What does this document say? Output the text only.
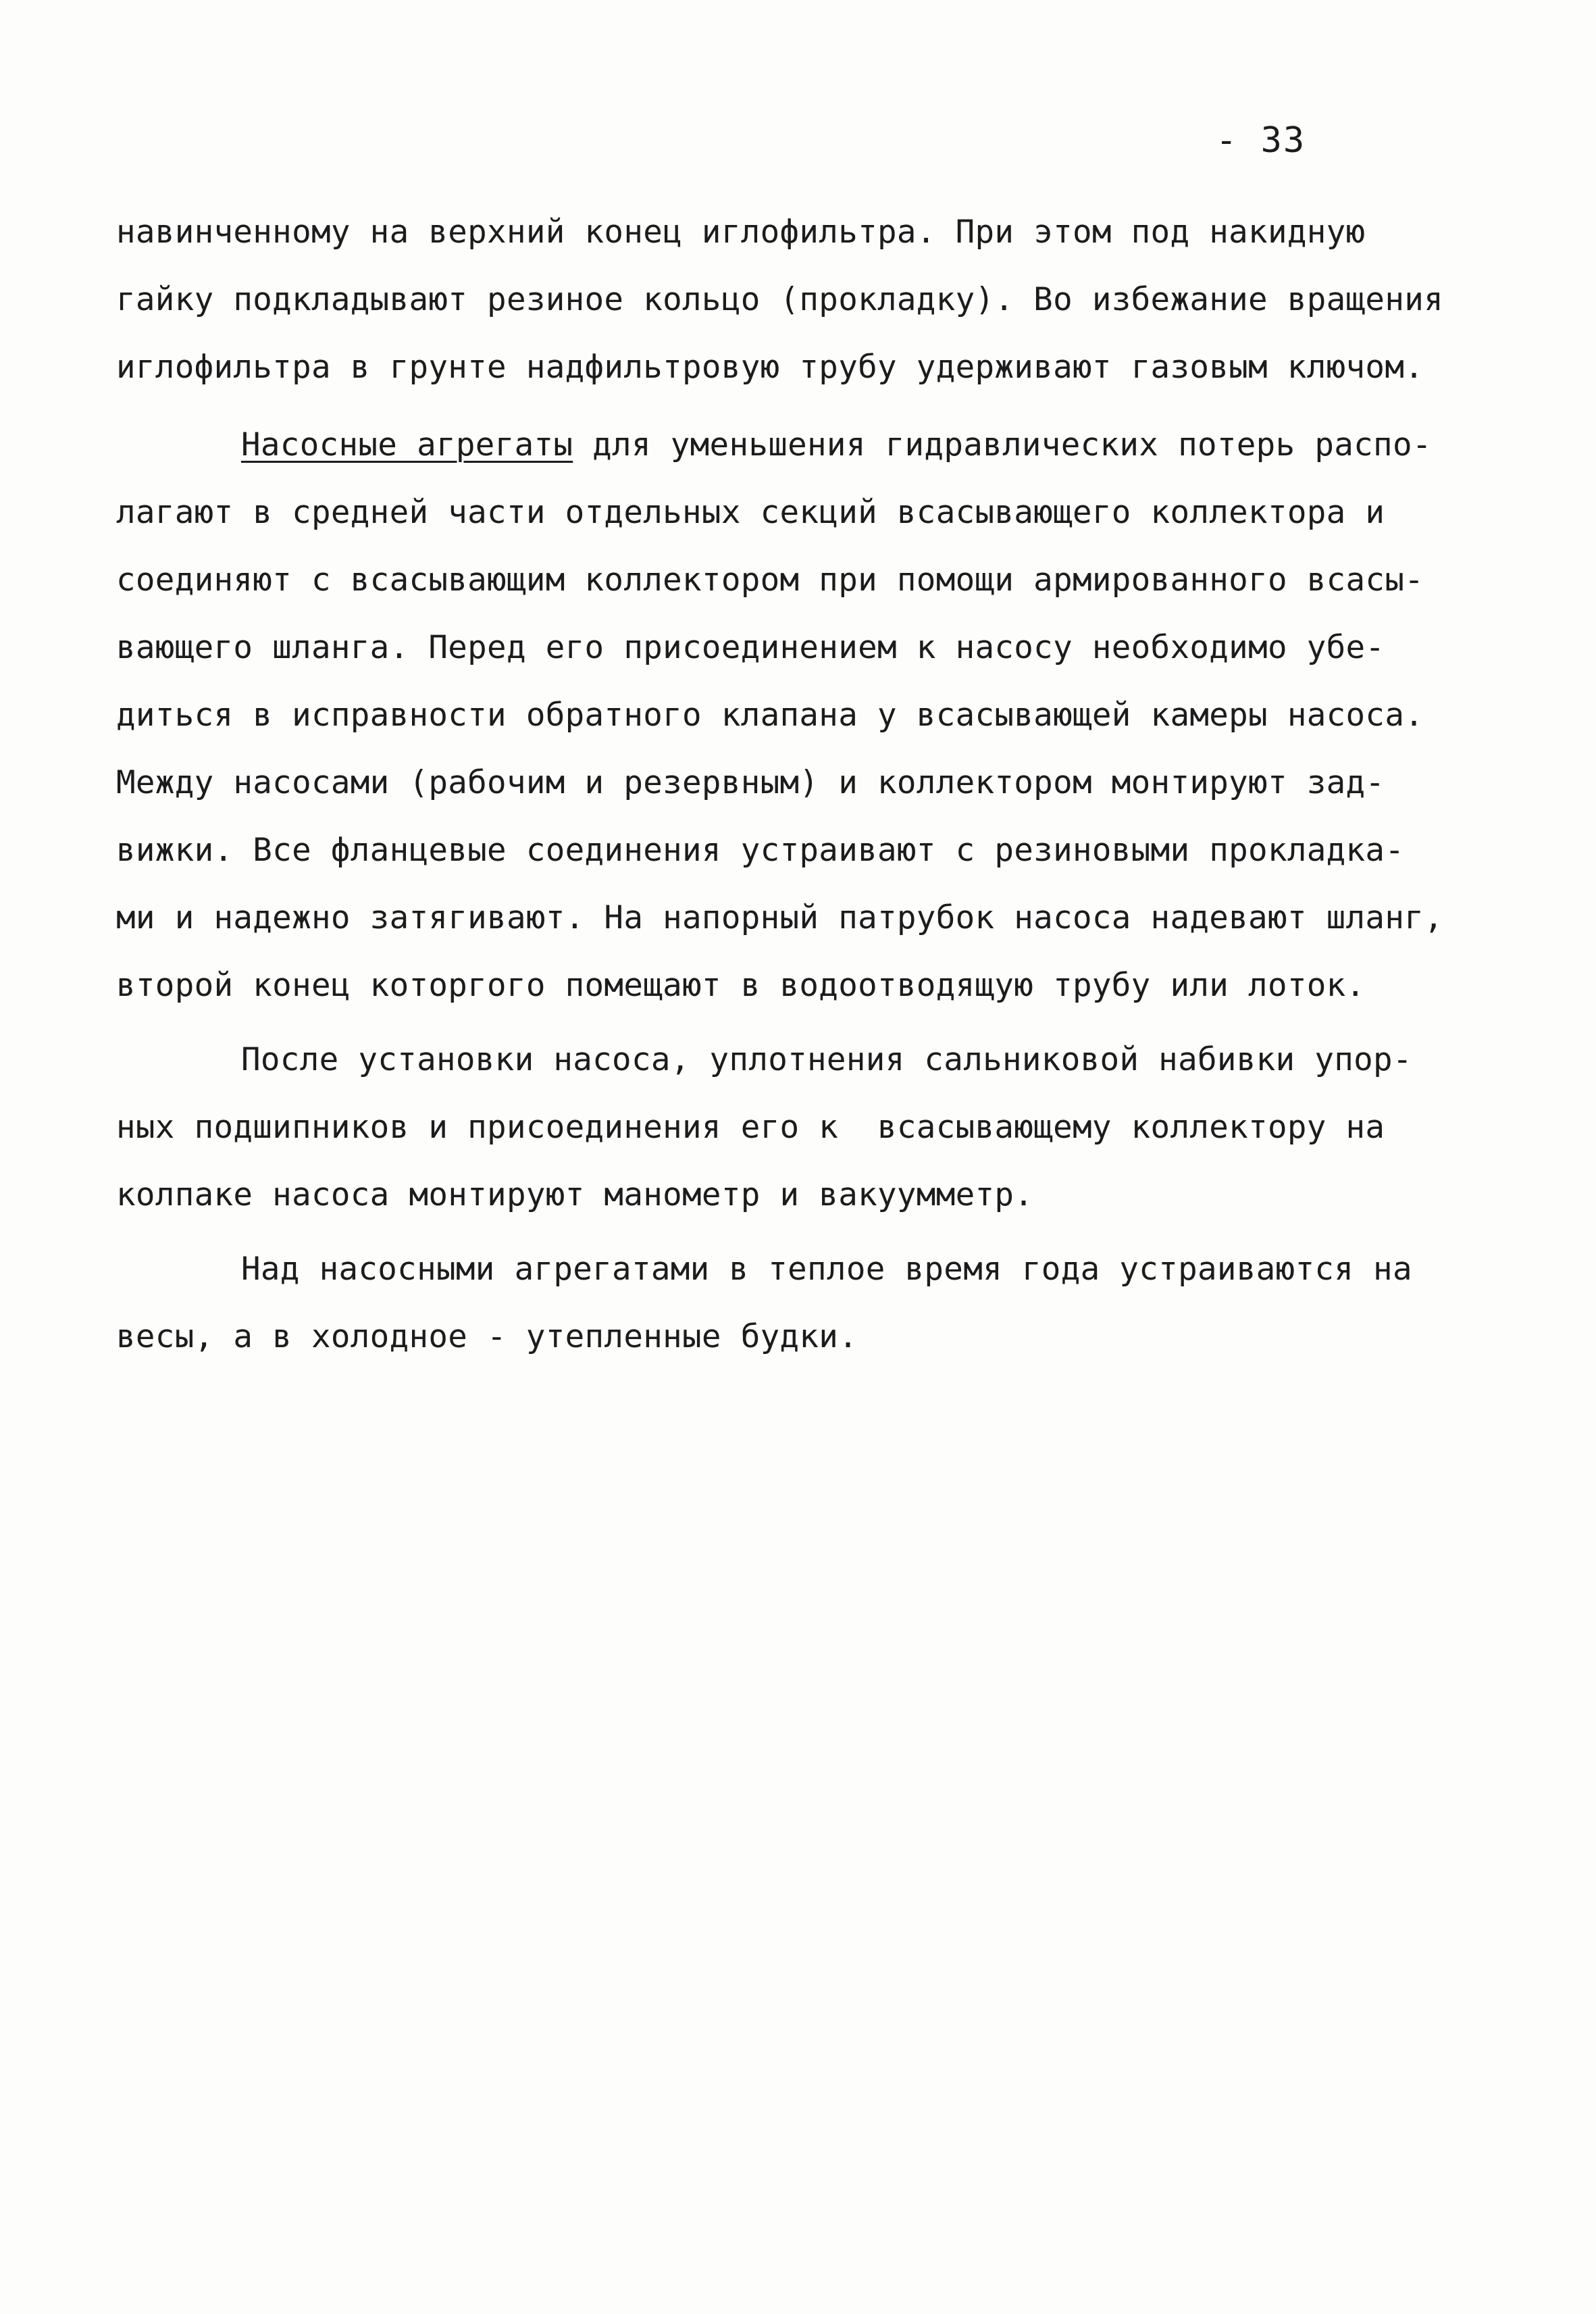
- 33
навинченному на верхний конец иглофильтра. При этом под накидную
гайку подкладывают резиное кольцо (прокладку). Во избежание вращения
иглофильтра в грунте надфильтровую трубу удерживают газовым ключом.
Насосные агрегаты для уменьшения гидравлических потерь распо-
лагают в средней части отдельных секций всасывающего коллектора и
соединяют с всасывающим коллектором при помощи армированного всасы-
вающего шланга. Перед его присоединением к насосу необходимо убе-
диться в исправности обратного клапана у всасывающей камеры насоса.
Между насосами (рабочим и резервным) и коллектором монтируют зад-
вижки. Все фланцевые соединения устраивают с резиновыми прокладка-
ми и надежно затягивают. На напорный патрубок насоса надевают шланг,
второй конец которгого помещают в водоотводящую трубу или лоток.
После установки насоса, уплотнения сальниковой набивки упор-
ных подшипников и присоединения его к  всасывающему коллектору на
колпаке насоса монтируют манометр и вакуумметр.
Над насосными агрегатами в теплое время года устраиваются на
весы, а в холодное - утепленные будки.
